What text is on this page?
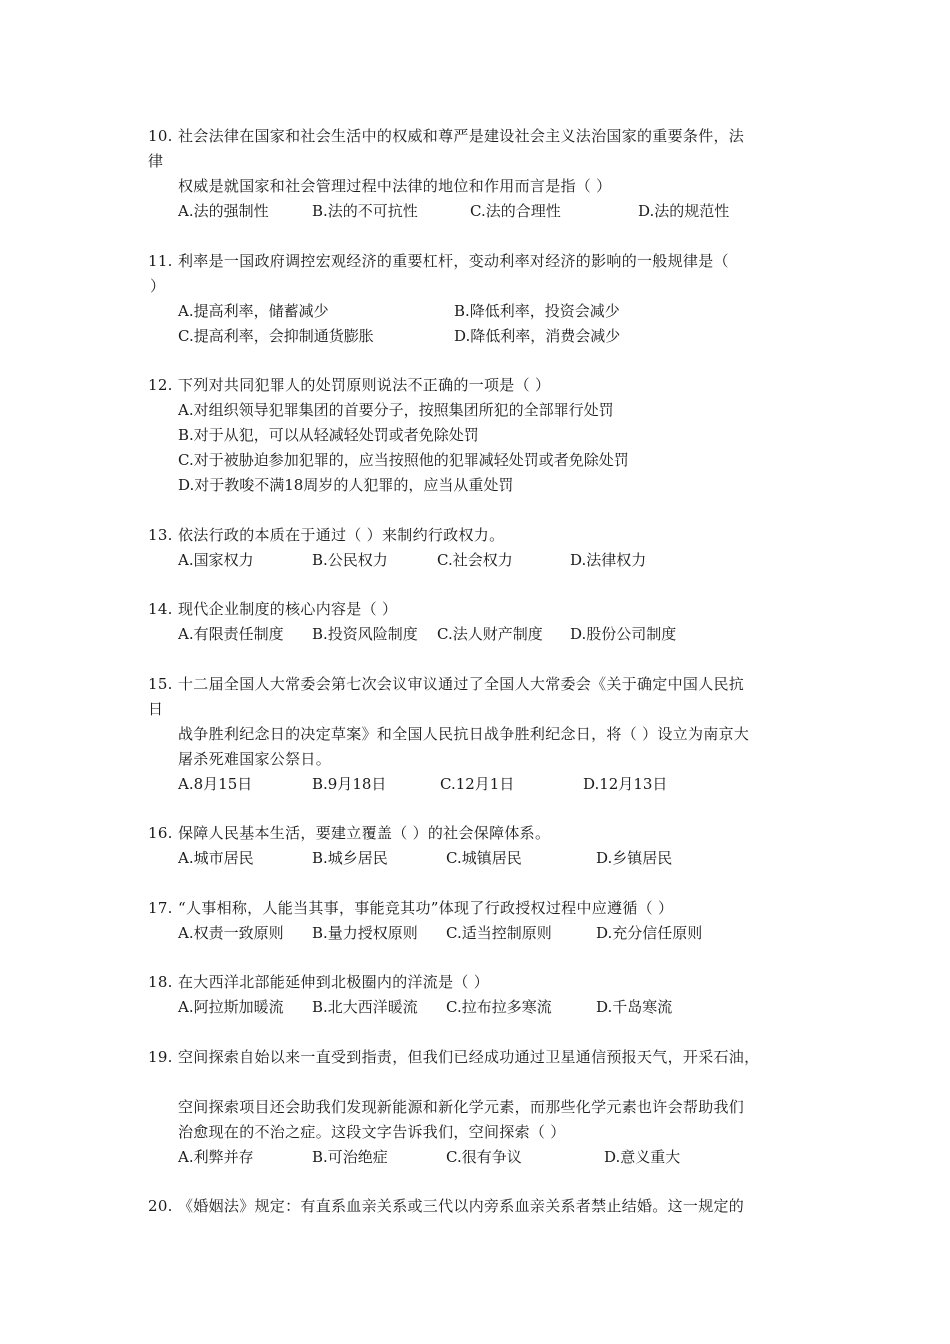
10. 社会法律在国家和社会生活中的权威和尊严是建设社会主义法治国家的重要条件，法
律
权威是就国家和社会管理过程中法律的地位和作用而言是指（ ）
A.法的强制性	B.法的不可抗性	C.法的合理性	D.法的规范性
11. 利率是一国政府调控宏观经济的重要杠杆，变动利率对经济的影响的一般规律是（
）
A.提高利率，储蓄减少	B.降低利率，投资会减少
C.提高利率，会抑制通货膨胀	D.降低利率，消费会减少
12. 下列对共同犯罪人的处罚原则说法不正确的一项是（ ）
A.对组织领导犯罪集团的首要分子，按照集团所犯的全部罪行处罚
B.对于从犯，可以从轻减轻处罚或者免除处罚
C.对于被胁迫参加犯罪的，应当按照他的犯罪减轻处罚或者免除处罚
D.对于教唆不满18周岁的人犯罪的，应当从重处罚
13. 依法行政的本质在于通过（ ）来制约行政权力。
A.国家权力	B.公民权力	C.社会权力	D.法律权力
14. 现代企业制度的核心内容是（ ）
A.有限责任制度 B.投资风险制度 C.法人财产制度 D.股份公司制度
15. 十二届全国人大常委会第七次会议审议通过了全国人大常委会《关于确定中国人民抗
日
战争胜利纪念日的决定草案》和全国人民抗日战争胜利纪念日，将（ ）设立为南京大
屠杀死难国家公祭日。
A.8月15日	B.9月18日	C.12月1日	D.12月13日
16. 保障人民基本生活，要建立覆盖（ ）的社会保障体系。
A.城市居民	B.城乡居民	C.城镇居民	D.乡镇居民
17. “人事相称，人能当其事，事能竞其功”体现了行政授权过程中应遵循（ ）
A.权责一致原则 B.量力授权原则 C.适当控制原则	D.充分信任原则
18. 在大西洋北部能延伸到北极圈内的洋流是（ ）
A.阿拉斯加暖流 B.北大西洋暖流 C.拉布拉多寒流	D.千岛寒流
19. 空间探索自始以来一直受到指责，但我们已经成功通过卫星通信预报天气，开采石油，
空间探索项目还会助我们发现新能源和新化学元素，而那些化学元素也许会帮助我们
治愈现在的不治之症。这段文字告诉我们，空间探索（ ）
A.利弊并存	B.可治绝症	C.很有争议	D.意义重大
20. 《婚姻法》规定：有直系血亲关系或三代以内旁系血亲关系者禁止结婚。这一规定的
